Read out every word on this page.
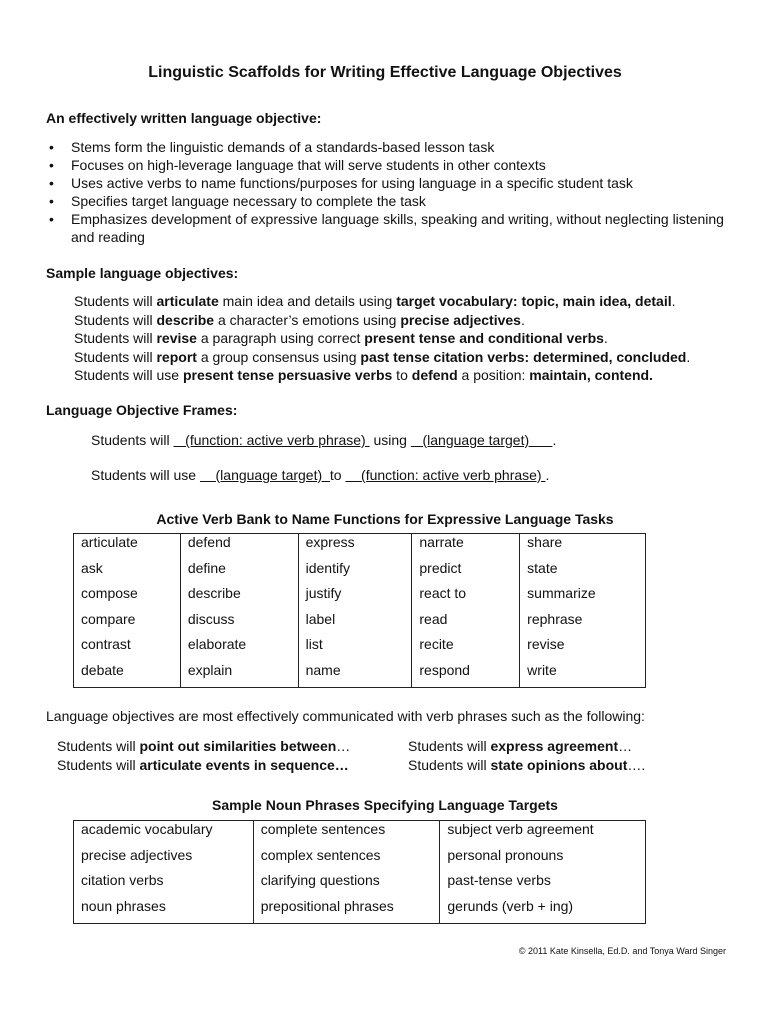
Linguistic Scaffolds for Writing Effective Language Objectives
An effectively written language objective:
• Stems form the linguistic demands of a standards-based lesson task
• Focuses on high-leverage language that will serve students in other contexts
• Uses active verbs to name functions/purposes for using language in a specific student task
• Specifies target language necessary to complete the task
• Emphasizes development of expressive language skills, speaking and writing, without neglecting listening and reading
Sample language objectives:
Students will articulate main idea and details using target vocabulary: topic, main idea, detail.
Students will describe a character’s emotions using precise adjectives.
Students will revise a paragraph using correct present tense and conditional verbs.
Students will report a group consensus using past tense citation verbs: determined, concluded.
Students will use present tense persuasive verbs to defend a position: maintain, contend.
Language Objective Frames:
Students will    (function: active verb phrase)  using    (language target)      .
Students will use     (language target)  to     (function: active verb phrase) .
Active Verb Bank to Name Functions for Expressive Language Tasks
articulate	defend	express	narrate	share
ask	define	identify	predict	state
compose	describe	justify	react to	summarize
compare	discuss	label	read	rephrase
contrast	elaborate	list	recite	revise
debate	explain	name	respond	write
Language objectives are most effectively communicated with verb phrases such as the following:
Students will point out similarities between…
Students will articulate events in sequence…
Students will express agreement…
Students will state opinions about….
Sample Noun Phrases Specifying Language Targets
academic vocabulary	complete sentences	subject verb agreement
precise adjectives	complex sentences	personal pronouns
citation verbs	clarifying questions	past-tense verbs
noun phrases	prepositional phrases	gerunds (verb + ing)
© 2011 Kate Kinsella, Ed.D. and Tonya Ward Singer
